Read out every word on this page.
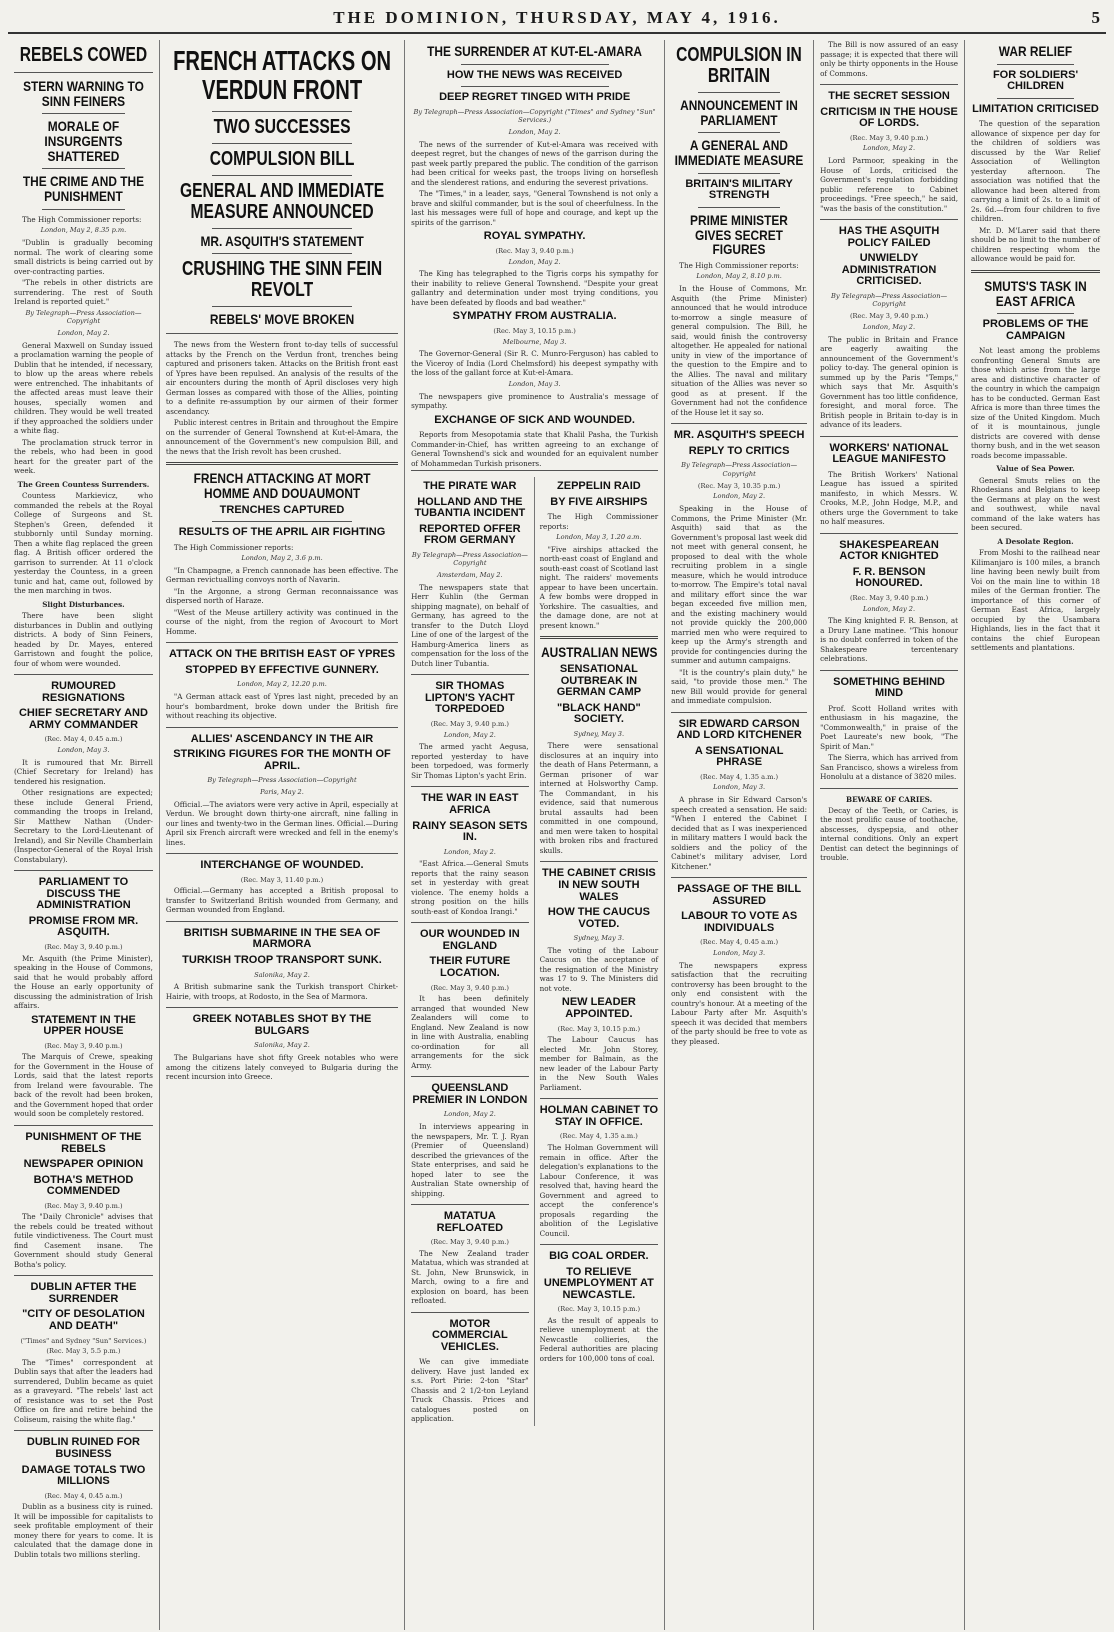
THE DOMINION, THURSDAY, MAY 4, 1916.	5
REBELS COWED
STERN WARNING TO SINN FEINERS
MORALE OF INSURGENTS SHATTERED
THE CRIME AND THE PUNISHMENT

The High Commissioner reports:

London, May 2, 8.35 p.m.

"Dublin is gradually becoming normal. The work of clearing some small districts is being carried out by over-contracting parties.

"The rebels in other districts are surrendering. The rest of South Ireland is reported quiet."

By Telegraph—Press Association—Copyright
London, May 2.

General Maxwell on Sunday issued a proclamation warning the people of Dublin that he intended, if necessary, to blow up the areas where rebels were entrenched. The inhabitants of the affected areas must leave their houses, specially women and children. They would be well treated if they approached the soldiers under a white flag.

The proclamation struck terror in the rebels, who had been in good heart for the greater part of the week.

The Green Countess Surrenders.

Countess Markievicz, who commanded the rebels at the Royal College of Surgeons and St. Stephen's Green, defended it stubbornly until Sunday morning. Then a white flag replaced the green flag. A British officer ordered the garrison to surrender. At 11 o'clock yesterday the Countess, in a green tunic and hat, came out, followed by the men marching in twos.

Slight Disturbances.

There have been slight disturbances in Dublin and outlying districts. A body of Sinn Feiners, headed by Dr. Mayes, entered Garristown and fought the police, four of whom were wounded.

RUMOURED RESIGNATIONS
CHIEF SECRETARY AND ARMY COMMANDER
(Rec. May 4, 0.45 a.m.)
London, May 3.

It is rumoured that Mr. Birrell (Chief Secretary for Ireland) has tendered his resignation.

Other resignations are expected; these include General Friend, commanding the troops in Ireland, Sir Matthew Nathan (Under-Secretary to the Lord-Lieutenant of Ireland), and Sir Neville Chamberlain (Inspector-General of the Royal Irish Constabulary).

PARLIAMENT TO DISCUSS THE ADMINISTRATION
PROMISE FROM MR. ASQUITH.
(Rec. May 3, 9.40 p.m.)

Mr. Asquith (the Prime Minister), speaking in the House of Commons, said that he would probably afford the House an early opportunity of discussing the administration of Irish affairs.

STATEMENT IN THE UPPER HOUSE
(Rec. May 3, 9.40 p.m.)

The Marquis of Crewe, speaking for the Government in the House of Lords, said that the latest reports from Ireland were favourable. The back of the revolt had been broken, and the Government hoped that order would soon be completely restored.

PUNISHMENT OF THE REBELS
NEWSPAPER OPINION
BOTHA'S METHOD COMMENDED
(Rec. May 3, 9.40 p.m.)

The "Daily Chronicle" advises that the rebels could be treated without futile vindictiveness. The Court must find Casement insane. The Government should study General Botha's policy.

DUBLIN AFTER THE SURRENDER
"CITY OF DESOLATION AND DEATH"
("Times" and Sydney "Sun" Services.)
(Rec. May 3, 5.5 p.m.)

The "Times" correspondent at Dublin says that after the leaders had surrendered, Dublin became as quiet as a graveyard. "The rebels' last act of resistance was to set the Post Office on fire and retire behind the Coliseum, raising the white flag."

DUBLIN RUINED FOR BUSINESS
DAMAGE TOTALS TWO MILLIONS
(Rec. May 4, 0.45 a.m.)

Dublin as a business city is ruined. It will be impossible for capitalists to seek profitable employment of their money there for years to come. It is calculated that the damage done in Dublin totals two millions sterling.

FRENCH ATTACKS ON VERDUN FRONT
TWO SUCCESSES
COMPULSION BILL
GENERAL AND IMMEDIATE MEASURE ANNOUNCED
MR. ASQUITH'S STATEMENT
CRUSHING THE SINN FEIN REVOLT
REBELS' MOVE BROKEN

The news from the Western front to-day tells of successful attacks by the French on the Verdun front, trenches being captured and prisoners taken. Attacks on the British front east of Ypres have been repulsed. An analysis of the results of the air encounters during the month of April discloses very high German losses as compared with those of the Allies, pointing to a definite re-assumption by our airmen of their former ascendancy.

Public interest centres in Britain and throughout the Empire on the surrender of General Townshend at Kut-el-Amara, the announcement of the Government's new compulsion Bill, and the news that the Irish revolt has been crushed.

FRENCH ATTACKING AT MORT HOMME AND DOUAUMONT
TRENCHES CAPTURED
RESULTS OF THE APRIL AIR FIGHTING

The High Commissioner reports:

London, May 2, 3.6 p.m.

"In Champagne, a French cannonade has been effective. The German revictualling convoys north of Navarin.

"In the Argonne, a strong German reconnaissance was dispersed north of Haraze.

"West of the Meuse artillery activity was continued in the course of the night, from the region of Avocourt to Mort Homme.

ATTACK ON THE BRITISH EAST OF YPRES
STOPPED BY EFFECTIVE GUNNERY.
London, May 2, 12.20 p.m.

"A German attack east of Ypres last night, preceded by an hour's bombardment, broke down under the British fire without reaching its objective.

ALLIES' ASCENDANCY IN THE AIR
STRIKING FIGURES FOR THE MONTH OF APRIL.
By Telegraph—Press Association—Copyright
Paris, May 2.

Official.—The aviators were very active in April, especially at Verdun. We brought down thirty-one aircraft, nine falling in our lines and twenty-two in the German lines. Official.—During April six French aircraft were wrecked and fell in the enemy's lines.

INTERCHANGE OF WOUNDED.
(Rec. May 3, 11.40 p.m.)

Official.—Germany has accepted a British proposal to transfer to Switzerland British wounded from Germany, and German wounded from England.

BRITISH SUBMARINE IN THE SEA OF MARMORA
TURKISH TROOP TRANSPORT SUNK.
Salonika, May 2.

A British submarine sank the Turkish transport Chirket-Hairie, with troops, at Rodosto, in the Sea of Marmora.

GREEK NOTABLES SHOT BY THE BULGARS
Salonika, May 2.

The Bulgarians have shot fifty Greek notables who were among the citizens lately conveyed to Bulgaria during the recent incursion into Greece.

THE SURRENDER AT KUT-EL-AMARA
HOW THE NEWS WAS RECEIVED
DEEP REGRET TINGED WITH PRIDE
By Telegraph—Press Association—Copyright ("Times" and Sydney "Sun" Services.)
London, May 2.

The news of the surrender of Kut-el-Amara was received with deepest regret, but the changes of news of the garrison during the past week partly prepared the public. The condition of the garrison had been critical for weeks past, the troops living on horseflesh and the slenderest rations, and enduring the severest privations.

The "Times," in a leader, says, "General Townshend is not only a brave and skilful commander, but is the soul of cheerfulness. In the last his messages were full of hope and courage, and kept up the spirits of the garrison."

ROYAL SYMPATHY.
(Rec. May 3, 9.40 p.m.)
London, May 2.

The King has telegraphed to the Tigris corps his sympathy for their inability to relieve General Townshend. "Despite your great gallantry and determination under most trying conditions, you have been defeated by floods and bad weather."

SYMPATHY FROM AUSTRALIA.
(Rec. May 3, 10.15 p.m.)
Melbourne, May 3.

The Governor-General (Sir R. C. Munro-Ferguson) has cabled to the Viceroy of India (Lord Chelmsford) his deepest sympathy with the loss of the gallant force at Kut-el-Amara.

London, May 3.

The newspapers give prominence to Australia's message of sympathy.

EXCHANGE OF SICK AND WOUNDED.

Reports from Mesopotamia state that Khalil Pasha, the Turkish Commander-in-Chief, has written agreeing to an exchange of General Townshend's sick and wounded for an equivalent number of Mohammedan Turkish prisoners.

THE PIRATE WAR
HOLLAND AND THE TUBANTIA INCIDENT
REPORTED OFFER FROM GERMANY
By Telegraph—Press Association—Copyright
Amsterdam, May 2.

The newspapers state that Herr Kuhlin (the German shipping magnate), on behalf of Germany, has agreed to the transfer to the Dutch Lloyd Line of one of the largest of the Hamburg-America liners as compensation for the loss of the Dutch liner Tubantia.

SIR THOMAS LIPTON'S YACHT TORPEDOED
(Rec. May 3, 9.40 p.m.)
London, May 2.

The armed yacht Aegusa, reported yesterday to have been torpedoed, was formerly Sir Thomas Lipton's yacht Erin.

THE WAR IN EAST AFRICA
RAINY SEASON SETS IN.
London, May 2.

"East Africa.—General Smuts reports that the rainy season set in yesterday with great violence. The enemy holds a strong position on the hills south-east of Kondoa Irangi."

OUR WOUNDED IN ENGLAND
THEIR FUTURE LOCATION.
(Rec. May 3, 9.40 p.m.)

It has been definitely arranged that wounded New Zealanders will come to England. New Zealand is now in line with Australia, enabling co-ordination for all arrangements for the sick Army.

QUEENSLAND PREMIER IN LONDON
London, May 2.

In interviews appearing in the newspapers, Mr. T. J. Ryan (Premier of Queensland) described the grievances of the State enterprises, and said he hoped later to see the Australian State ownership of shipping.

MATATUA REFLOATED
(Rec. May 3, 9.40 p.m.)

The New Zealand trader Matatua, which was stranded at St. John, New Brunswick, in March, owing to a fire and explosion on board, has been refloated.

MOTOR COMMERCIAL VEHICLES.

We can give immediate delivery. Have just landed ex s.s. Port Pirie: 2-ton "Star" Chassis and 2 1/2-ton Leyland Truck Chassis. Prices and catalogues posted on application.

ZEPPELIN RAID
BY FIVE AIRSHIPS

The High Commissioner reports:

London, May 3, 1.20 a.m.

"Five airships attacked the north-east coast of England and south-east coast of Scotland last night. The raiders' movements appear to have been uncertain. A few bombs were dropped in Yorkshire. The casualties, and the damage done, are not at present known."

AUSTRALIAN NEWS
SENSATIONAL OUTBREAK IN GERMAN CAMP
"BLACK HAND" SOCIETY.
Sydney, May 3.

There were sensational disclosures at an inquiry into the death of Hans Petermann, a German prisoner of war interned at Holsworthy Camp. The Commandant, in his evidence, said that numerous brutal assaults had been committed in one compound, and men were taken to hospital with broken ribs and fractured skulls.

THE CABINET CRISIS IN NEW SOUTH WALES
HOW THE CAUCUS VOTED.
Sydney, May 3.

The voting of the Labour Caucus on the acceptance of the resignation of the Ministry was 17 to 9. The Ministers did not vote.

NEW LEADER APPOINTED.
(Rec. May 3, 10.15 p.m.)

The Labour Caucus has elected Mr. John Storey, member for Balmain, as the new leader of the Labour Party in the New South Wales Parliament.

HOLMAN CABINET TO STAY IN OFFICE.
(Rec. May 4, 1.35 a.m.)

The Holman Government will remain in office. After the delegation's explanations to the Labour Conference, it was resolved that, having heard the Government and agreed to accept the conference's proposals regarding the abolition of the Legislative Council.

BIG COAL ORDER.
TO RELIEVE UNEMPLOYMENT AT NEWCASTLE.
(Rec. May 3, 10.15 p.m.)

As the result of appeals to relieve unemployment at the Newcastle collieries, the Federal authorities are placing orders for 100,000 tons of coal.

COMPULSION IN BRITAIN
ANNOUNCEMENT IN PARLIAMENT
A GENERAL AND IMMEDIATE MEASURE
BRITAIN'S MILITARY STRENGTH
PRIME MINISTER GIVES SECRET FIGURES

The High Commissioner reports:

London, May 2, 8.10 p.m.

In the House of Commons, Mr. Asquith (the Prime Minister) announced that he would introduce to-morrow a single measure of general compulsion. The Bill, he said, would finish the controversy altogether. He appealed for national unity in view of the importance of the question to the Empire and to the Allies. The naval and military situation of the Allies was never so good as at present. If the Government had not the confidence of the House let it say so.

MR. ASQUITH'S SPEECH
REPLY TO CRITICS
By Telegraph—Press Association—Copyright
(Rec. May 3, 10.35 p.m.)
London, May 2.

Speaking in the House of Commons, the Prime Minister (Mr. Asquith) said that as the Government's proposal last week did not meet with general consent, he proposed to deal with the whole recruiting problem in a single measure, which he would introduce to-morrow. The Empire's total naval and military effort since the war began exceeded five million men, and the existing machinery would not provide quickly the 200,000 married men who were required to keep up the Army's strength and provide for contingencies during the summer and autumn campaigns.

"It is the country's plain duty," he said, "to provide those men." The new Bill would provide for general and immediate compulsion.

SIR EDWARD CARSON AND LORD KITCHENER
A SENSATIONAL PHRASE
(Rec. May 4, 1.35 a.m.)
London, May 3.

A phrase in Sir Edward Carson's speech created a sensation. He said: "When I entered the Cabinet I decided that as I was inexperienced in military matters I would back the soldiers and the policy of the Cabinet's military adviser, Lord Kitchener."

PASSAGE OF THE BILL ASSURED
LABOUR TO VOTE AS INDIVIDUALS
(Rec. May 4, 0.45 a.m.)
London, May 3.

The newspapers express satisfaction that the recruiting controversy has been brought to the only end consistent with the country's honour. At a meeting of the Labour Party after Mr. Asquith's speech it was decided that members of the party should be free to vote as they pleased.

The Bill is now assured of an easy passage; it is expected that there will only be thirty opponents in the House of Commons.

THE SECRET SESSION
CRITICISM IN THE HOUSE OF LORDS.
(Rec. May 3, 9.40 p.m.)
London, May 2.

Lord Parmoor, speaking in the House of Lords, criticised the Government's regulation forbidding public reference to Cabinet proceedings. "Free speech," he said, "was the basis of the constitution."

HAS THE ASQUITH POLICY FAILED
UNWIELDY ADMINISTRATION CRITICISED.
By Telegraph—Press Association—Copyright
(Rec. May 3, 9.40 p.m.)
London, May 2.

The public in Britain and France are eagerly awaiting the announcement of the Government's policy to-day. The general opinion is summed up by the Paris "Temps," which says that Mr. Asquith's Government has too little confidence, foresight, and moral force. The British people in Britain to-day is in advance of its leaders.

WORKERS' NATIONAL LEAGUE MANIFESTO

The British Workers' National League has issued a spirited manifesto, in which Messrs. W. Crooks, M.P., John Hodge, M.P., and others urge the Government to take no half measures.

SHAKESPEAREAN ACTOR KNIGHTED
F. R. BENSON HONOURED.
(Rec. May 3, 9.40 p.m.)
London, May 2.

The King knighted F. R. Benson, at a Drury Lane matinee. "This honour is no doubt conferred in token of the Shakespeare tercentenary celebrations.

SOMETHING BEHIND MIND

Prof. Scott Holland writes with enthusiasm in his magazine, the "Commonwealth," in praise of the Poet Laureate's new book, "The Spirit of Man."

The Sierra, which has arrived from San Francisco, shows a wireless from Honolulu at a distance of 3820 miles.

BEWARE OF CARIES.

Decay of the Teeth, or Caries, is the most prolific cause of toothache, abscesses, dyspepsia, and other internal conditions. Only an expert Dentist can detect the beginnings of trouble.

WAR RELIEF
FOR SOLDIERS' CHILDREN
LIMITATION CRITICISED

The question of the separation allowance of sixpence per day for the children of soldiers was discussed by the War Relief Association of Wellington yesterday afternoon. The association was notified that the allowance had been altered from carrying a limit of 2s. to a limit of 2s. 6d.—from four children to five children.

Mr. D. M'Larer said that there should be no limit to the number of children respecting whom the allowance would be paid for.

SMUTS'S TASK IN EAST AFRICA
PROBLEMS OF THE CAMPAIGN

Not least among the problems confronting General Smuts are those which arise from the large area and distinctive character of the country in which the campaign has to be conducted. German East Africa is more than three times the size of the United Kingdom. Much of it is mountainous, jungle districts are covered with dense thorny bush, and in the wet season roads become impassable.

Value of Sea Power.

General Smuts relies on the Rhodesians and Belgians to keep the Germans at play on the west and southwest, while naval command of the lake waters has been secured.

A Desolate Region.

From Moshi to the railhead near Kilimanjaro is 100 miles, a branch line having been newly built from Voi on the main line to within 18 miles of the German frontier. The importance of this corner of German East Africa, largely occupied by the Usambara Highlands, lies in the fact that it contains the chief European settlements and plantations.
